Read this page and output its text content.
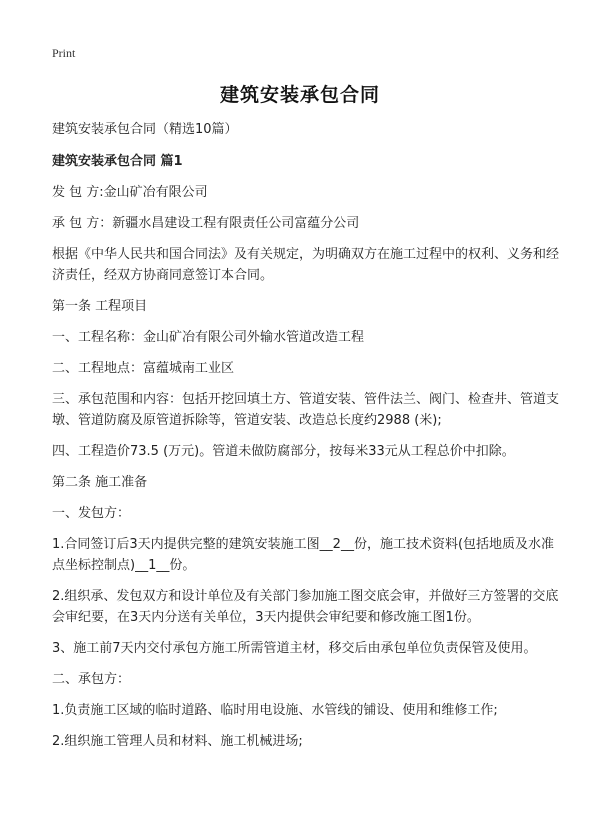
Print
建筑安装承包合同

建筑安装承包合同（精选10篇）

建筑安装承包合同 篇1

发 包 方:金山矿冶有限公司

承 包 方：新疆水昌建设工程有限责任公司富蕴分公司

根据《中华人民共和国合同法》及有关规定，为明确双方在施工过程中的权利、义务和经济责任，经双方协商同意签订本合同。

第一条 工程项目

一、工程名称：金山矿冶有限公司外输水管道改造工程

二、工程地点：富蕴城南工业区

三、承包范围和内容：包括开挖回填土方、管道安装、管件法兰、阀门、检查井、管道支墩、管道防腐及原管道拆除等，管道安装、改造总长度约2988 (米);

四、工程造价73.5 (万元)。管道未做防腐部分，按每米33元从工程总价中扣除。

第二条 施工准备

一、发包方：

1.合同签订后3天内提供完整的建筑安装施工图__2__份，施工技术资料(包括地质及水准点坐标控制点)__1__份。

2.组织承、发包双方和设计单位及有关部门参加施工图交底会审，并做好三方签署的交底会审纪要，在3天内分送有关单位，3天内提供会审纪要和修改施工图1份。

3、施工前7天内交付承包方施工所需管道主材，移交后由承包单位负责保管及使用。

二、承包方：

1.负责施工区域的临时道路、临时用电设施、水管线的铺设、使用和维修工作;

2.组织施工管理人员和材料、施工机械进场;
